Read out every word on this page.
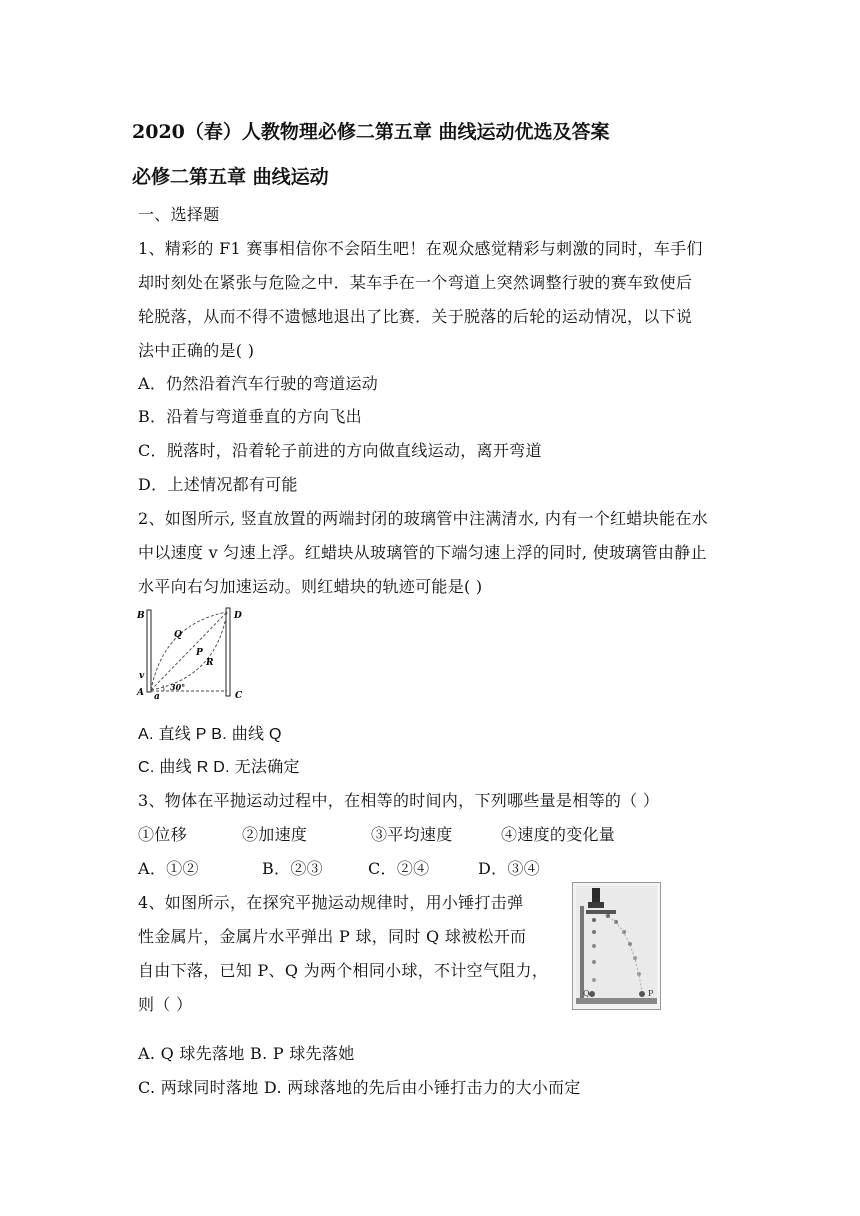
2020（春）人教物理必修二第五章 曲线运动优选及答案
必修二第五章 曲线运动
一、选择题
1、精彩的 F1 赛事相信你不会陌生吧！在观众感觉精彩与刺激的同时，车手们
却时刻处在紧张与危险之中．某车手在一个弯道上突然调整行驶的赛车致使后
轮脱落，从而不得不遗憾地退出了比赛．关于脱落的后轮的运动情况，以下说
法中正确的是( )
A．仍然沿着汽车行驶的弯道运动
B．沿着与弯道垂直的方向飞出
C．脱落时，沿着轮子前进的方向做直线运动，离开弯道
D．上述情况都有可能
2、如图所示, 竖直放置的两端封闭的玻璃管中注满清水, 内有一个红蜡块能在水
中以速度 v 匀速上浮。红蜡块从玻璃管的下端匀速上浮的同时, 使玻璃管由静止
水平向右匀加速运动。则红蜡块的轨迹可能是( )
B	D
Q
P
R
v
A a
30°
C
A. 直线 P B. 曲线 Q
C. 曲线 R D. 无法确定
3、物体在平抛运动过程中，在相等的时间内，下列哪些量是相等的（ ）
①位移	②加速度	③平均速度	④速度的变化量
A．①②	B．②③	C．②④	D．③④
4、如图所示，在探究平抛运动规律时，用小锤打击弹
性金属片，金属片水平弹出 P 球，同时 Q 球被松开而
自由下落，已知 P、Q 为两个相同小球，不计空气阻力，
则（ ）
Q	P
A. Q 球先落地 B. P 球先落她
C. 两球同时落地 D. 两球落地的先后由小锤打击力的大小而定
